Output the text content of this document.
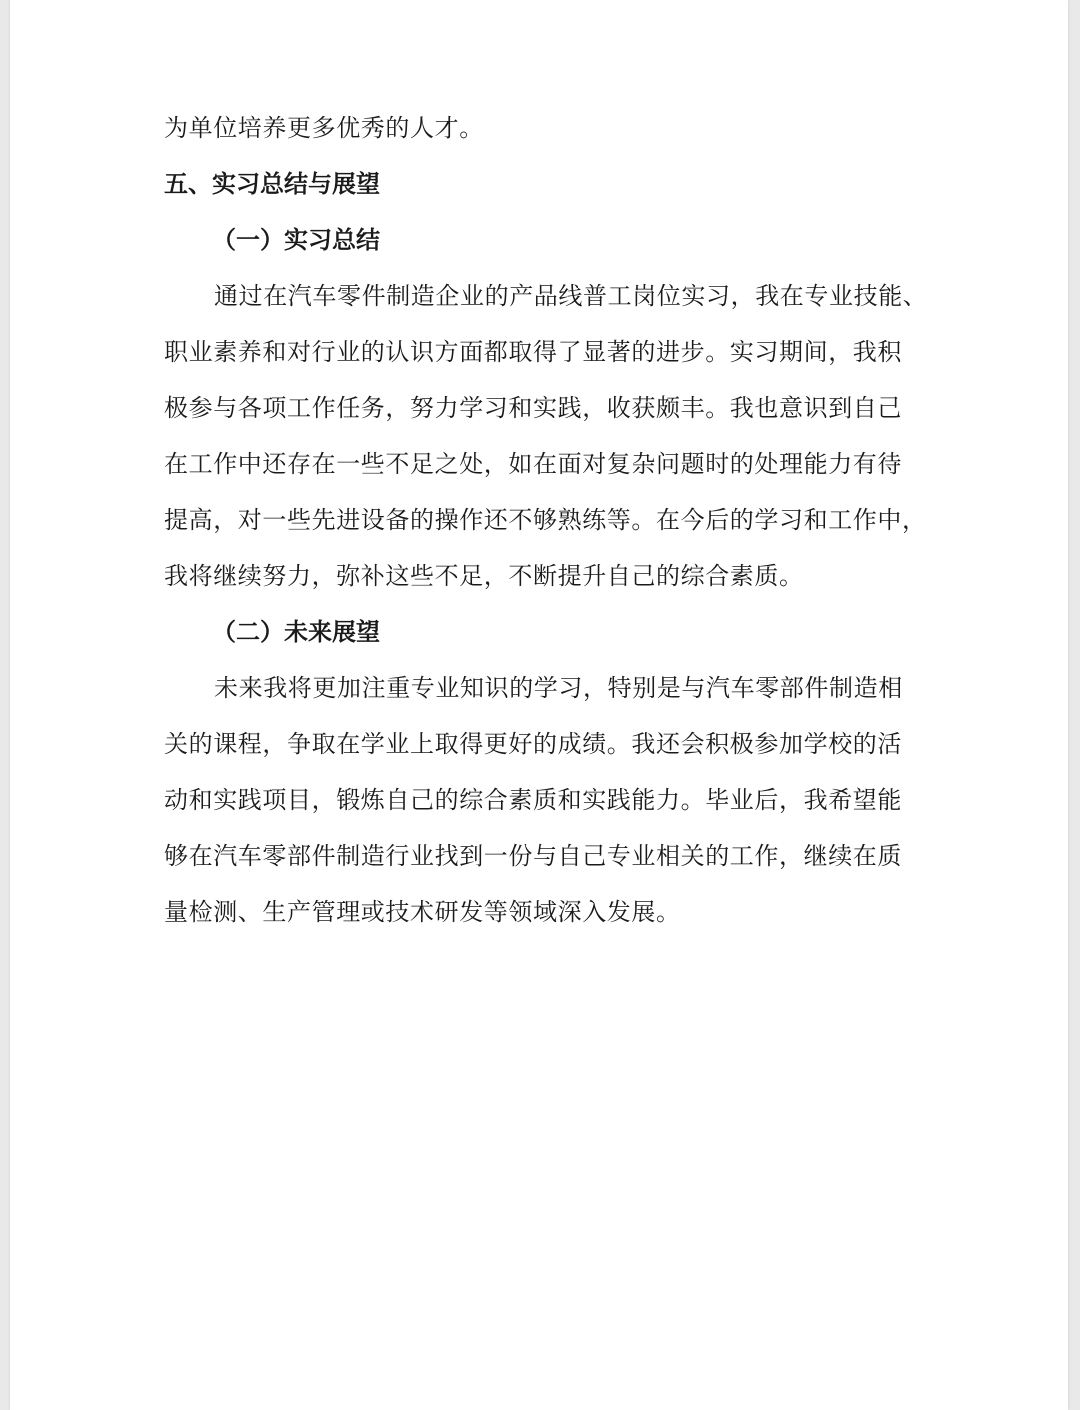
为单位培养更多优秀的人才。
五、实习总结与展望
（一）实习总结
通过在汽车零件制造企业的产品线普工岗位实习，我在专业技能、
职业素养和对行业的认识方面都取得了显著的进步。实习期间，我积
极参与各项工作任务，努力学习和实践，收获颇丰。我也意识到自己
在工作中还存在一些不足之处，如在面对复杂问题时的处理能力有待
提高，对一些先进设备的操作还不够熟练等。在今后的学习和工作中，
我将继续努力，弥补这些不足，不断提升自己的综合素质。
（二）未来展望
未来我将更加注重专业知识的学习，特别是与汽车零部件制造相
关的课程，争取在学业上取得更好的成绩。我还会积极参加学校的活
动和实践项目，锻炼自己的综合素质和实践能力。毕业后，我希望能
够在汽车零部件制造行业找到一份与自己专业相关的工作，继续在质
量检测、生产管理或技术研发等领域深入发展。
